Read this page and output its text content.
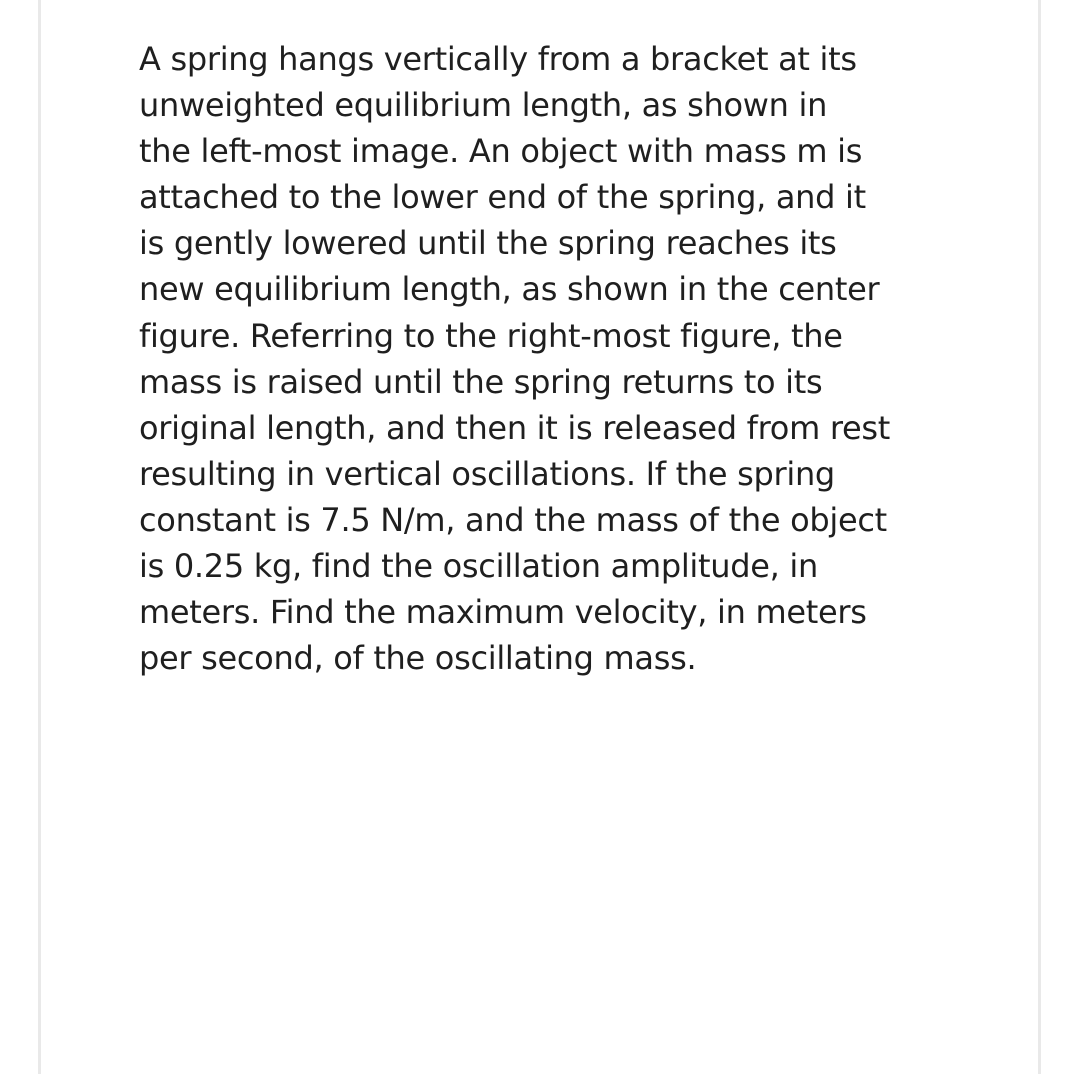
A spring hangs vertically from a bracket at its
unweighted equilibrium length, as shown in
the left-most image. An object with mass m is
attached to the lower end of the spring, and it
is gently lowered until the spring reaches its
new equilibrium length, as shown in the center
figure. Referring to the right-most figure, the
mass is raised until the spring returns to its
original length, and then it is released from rest
resulting in vertical oscillations. If the spring
constant is 7.5 N/m, and the mass of the object
is 0.25 kg, find the oscillation amplitude, in
meters. Find the maximum velocity, in meters
per second, of the oscillating mass.
